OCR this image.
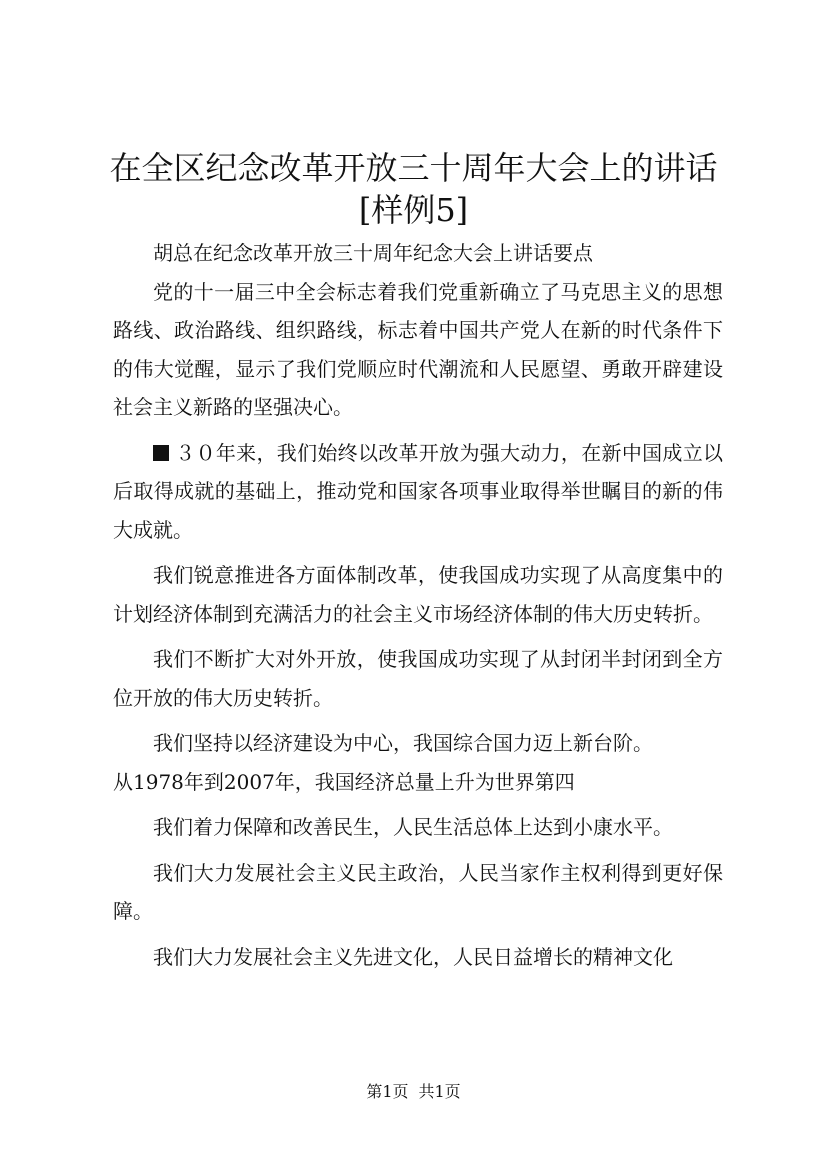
在全区纪念改革开放三十周年大会上的讲话
[样例5]

胡总在纪念改革开放三十周年纪念大会上讲话要点

党的十一届三中全会标志着我们党重新确立了马克思主义的思想路线、政治路线、组织路线，标志着中国共产党人在新的时代条件下的伟大觉醒，显示了我们党顺应时代潮流和人民愿望、勇敢开辟建设社会主义新路的坚强决心。

３０年来，我们始终以改革开放为强大动力，在新中国成立以后取得成就的基础上，推动党和国家各项事业取得举世瞩目的新的伟大成就。

我们锐意推进各方面体制改革，使我国成功实现了从高度集中的计划经济体制到充满活力的社会主义市场经济体制的伟大历史转折。

我们不断扩大对外开放，使我国成功实现了从封闭半封闭到全方位开放的伟大历史转折。

我们坚持以经济建设为中心，我国综合国力迈上新台阶。

从1978年到2007年，我国经济总量上升为世界第四

我们着力保障和改善民生，人民生活总体上达到小康水平。

我们大力发展社会主义民主政治，人民当家作主权利得到更好保障。

我们大力发展社会主义先进文化，人民日益增长的精神文化

第1页 共1页
